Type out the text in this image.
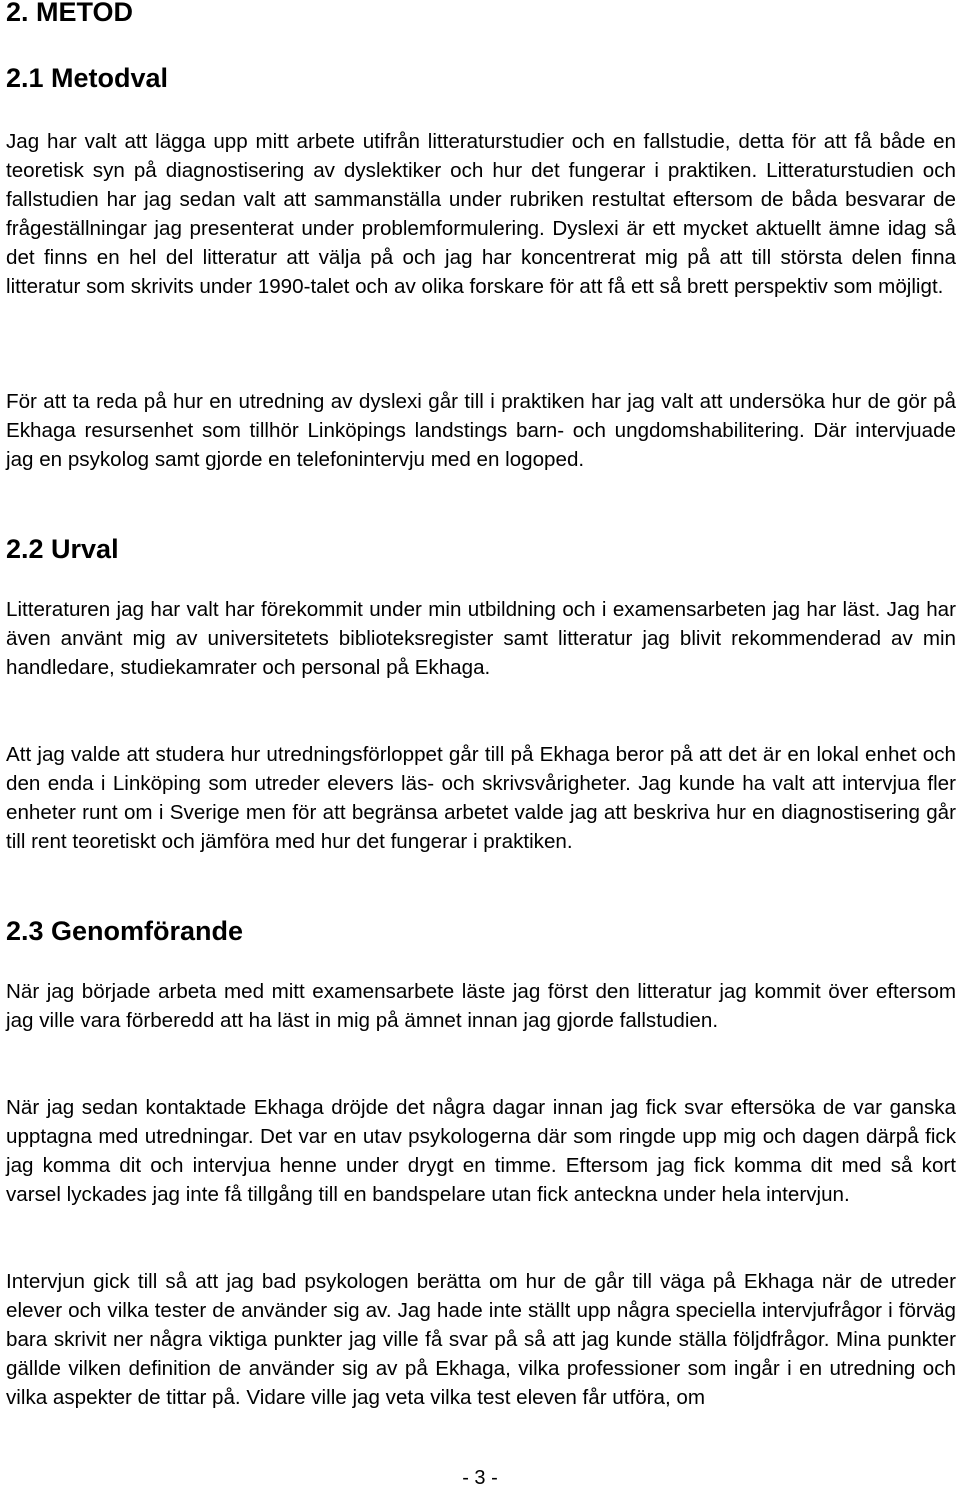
2. METOD
2.1 Metodval

Jag har valt att lägga upp mitt arbete utifrån litteraturstudier och en fallstudie, detta för att få både en teoretisk syn på diagnostisering av dyslektiker och hur det fungerar i praktiken. Litteraturstudien och fallstudien har jag sedan valt att sammanställa under rubriken restultat eftersom de båda besvarar de frågeställningar jag presenterat under problemformulering. Dyslexi är ett mycket aktuellt ämne idag så det finns en hel del litteratur att välja på och jag har koncentrerat mig på att till största delen finna litteratur som skrivits under 1990-talet och av olika forskare för att få ett så brett perspektiv som möjligt.

För att ta reda på hur en utredning av dyslexi går till i praktiken har jag valt att undersöka hur de gör på Ekhaga resursenhet som tillhör Linköpings landstings barn- och ungdomshabilitering. Där intervjuade jag en psykolog samt gjorde en telefonintervju med en logoped.

2.2 Urval

Litteraturen jag har valt har förekommit under min utbildning och i examensarbeten jag har läst. Jag har även använt mig av universitetets biblioteksregister samt litteratur jag blivit rekommenderad av min handledare, studiekamrater och personal på Ekhaga.

Att jag valde att studera hur utredningsförloppet går till på Ekhaga beror på att det är en lokal enhet och den enda i Linköping som utreder elevers läs- och skrivsvårigheter. Jag kunde ha valt att intervjua fler enheter runt om i Sverige men för att begränsa arbetet valde jag att beskriva hur en diagnostisering går till rent teoretiskt och jämföra med hur det fungerar i praktiken.

2.3 Genomförande

När jag började arbeta med mitt examensarbete läste jag först den litteratur jag kommit över eftersom jag ville vara förberedd att ha läst in mig på ämnet innan jag gjorde fallstudien.

När jag sedan kontaktade Ekhaga dröjde det några dagar innan jag fick svar eftersöka de var ganska upptagna med utredningar. Det var en utav psykologerna där som ringde upp mig och dagen därpå fick jag komma dit och intervjua henne under drygt en timme. Eftersom jag fick komma dit med så kort varsel lyckades jag inte få tillgång till en bandspelare utan fick anteckna under hela intervjun.

Intervjun gick till så att jag bad psykologen berätta om hur de går till väga på Ekhaga när de utreder elever och vilka tester de använder sig av. Jag hade inte ställt upp några speciella intervjufrågor i förväg bara skrivit ner några viktiga punkter jag ville få svar på så att jag kunde ställa följdfrågor. Mina punkter gällde vilken definition de använder sig av på Ekhaga, vilka professioner som ingår i en utredning och vilka aspekter de tittar på. Vidare ville jag veta vilka test eleven får utföra, om

- 3 -
